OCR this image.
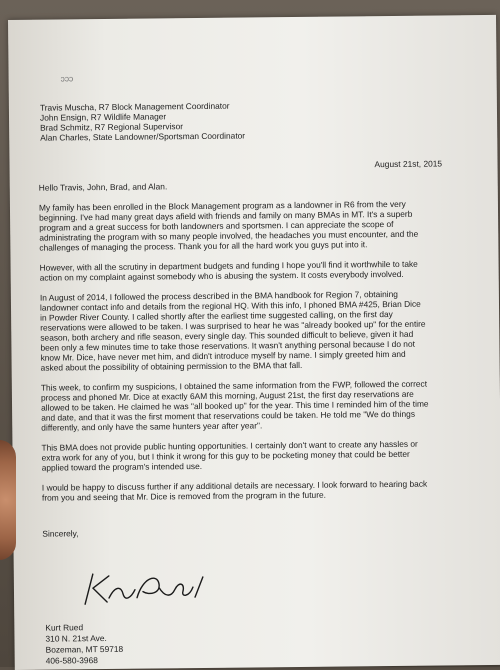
ɔɔɔ
Travis Muscha, R7 Block Management Coordinator
John Ensign, R7 Wildlife Manager
Brad Schmitz, R7 Regional Supervisor
Alan Charles, State Landowner/Sportsman Coordinator
August 21st, 2015
Hello Travis, John, Brad, and Alan.
My family has been enrolled in the Block Management program as a landowner in R6 from the very
beginning. I've had many great days afield with friends and family on many BMAs in MT. It's a superb
program and a great success for both landowners and sportsmen. I can appreciate the scope of
administrating the program with so many people involved, the headaches you must encounter, and the
challenges of managing the process. Thank you for all the hard work you guys put into it.
However, with all the scrutiny in department budgets and funding I hope you'll find it worthwhile to take
action on my complaint against somebody who is abusing the system. It costs everybody involved.
In August of 2014, I followed the process described in the BMA handbook for Region 7, obtaining
landowner contact info and details from the regional HQ. With this info, I phoned BMA #425, Brian Dice
in Powder River County. I called shortly after the earliest time suggested calling, on the first day
reservations were allowed to be taken. I was surprised to hear he was "already booked up" for the entire
season, both archery and rifle season, every single day. This sounded difficult to believe, given it had
been only a few minutes time to take those reservations. It wasn't anything personal because I do not
know Mr. Dice, have never met him, and didn't introduce myself by name. I simply greeted him and
asked about the possibility of obtaining permission to the BMA that fall.
This week, to confirm my suspicions, I obtained the same information from the FWP, followed the correct
process and phoned Mr. Dice at exactly 6AM this morning, August 21st, the first day reservations are
allowed to be taken. He claimed he was "all booked up" for the year. This time I reminded him of the time
and date, and that it was the first moment that reservations could be taken. He told me "We do things
differently, and only have the same hunters year after year".
This BMA does not provide public hunting opportunities. I certainly don't want to create any hassles or
extra work for any of you, but I think it wrong for this guy to be pocketing money that could be better
applied toward the program's intended use.
I would be happy to discuss further if any additional details are necessary. I look forward to hearing back
from you and seeing that Mr. Dice is removed from the program in the future.
Sincerely,
Kurt Rued
310 N. 21st Ave.
Bozeman, MT 59718
406-580-3968
